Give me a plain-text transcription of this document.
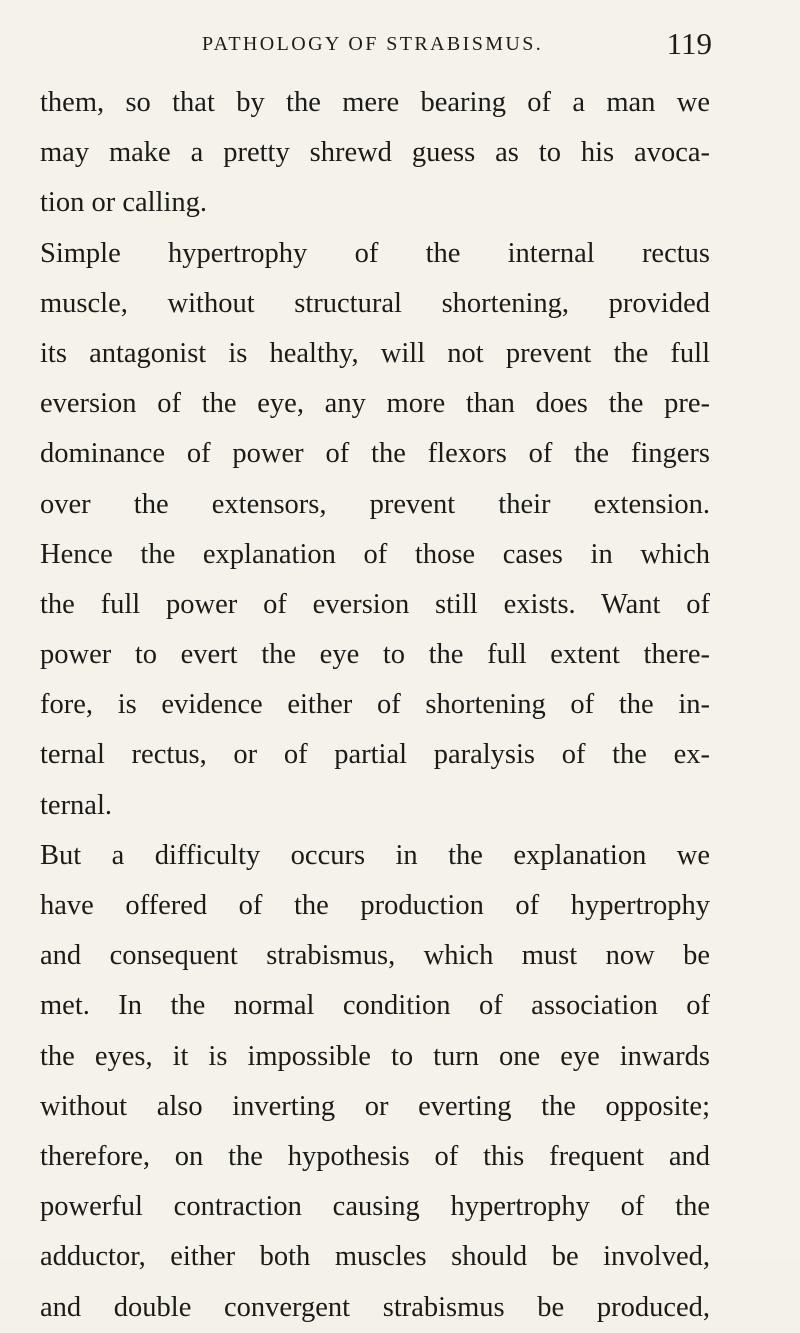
PATHOLOGY OF STRABISMUS.	119
them, so that by the mere bearing of a man we
may make a pretty shrewd guess as to his avoca-
tion or calling.
Simple hypertrophy of the internal rectus
muscle, without structural shortening, provided
its antagonist is healthy, will not prevent the full
eversion of the eye, any more than does the pre-
dominance of power of the flexors of the fingers
over the extensors, prevent their extension.
Hence the explanation of those cases in which
the full power of eversion still exists. Want of
power to evert the eye to the full extent there-
fore, is evidence either of shortening of the in-
ternal rectus, or of partial paralysis of the ex-
ternal.
But a difficulty occurs in the explanation we
have offered of the production of hypertrophy
and consequent strabismus, which must now be
met. In the normal condition of association of
the eyes, it is impossible to turn one eye inwards
without also inverting or everting the opposite;
therefore, on the hypothesis of this frequent and
powerful contraction causing hypertrophy of the
adductor, either both muscles should be involved,
and double convergent strabismus be produced,
